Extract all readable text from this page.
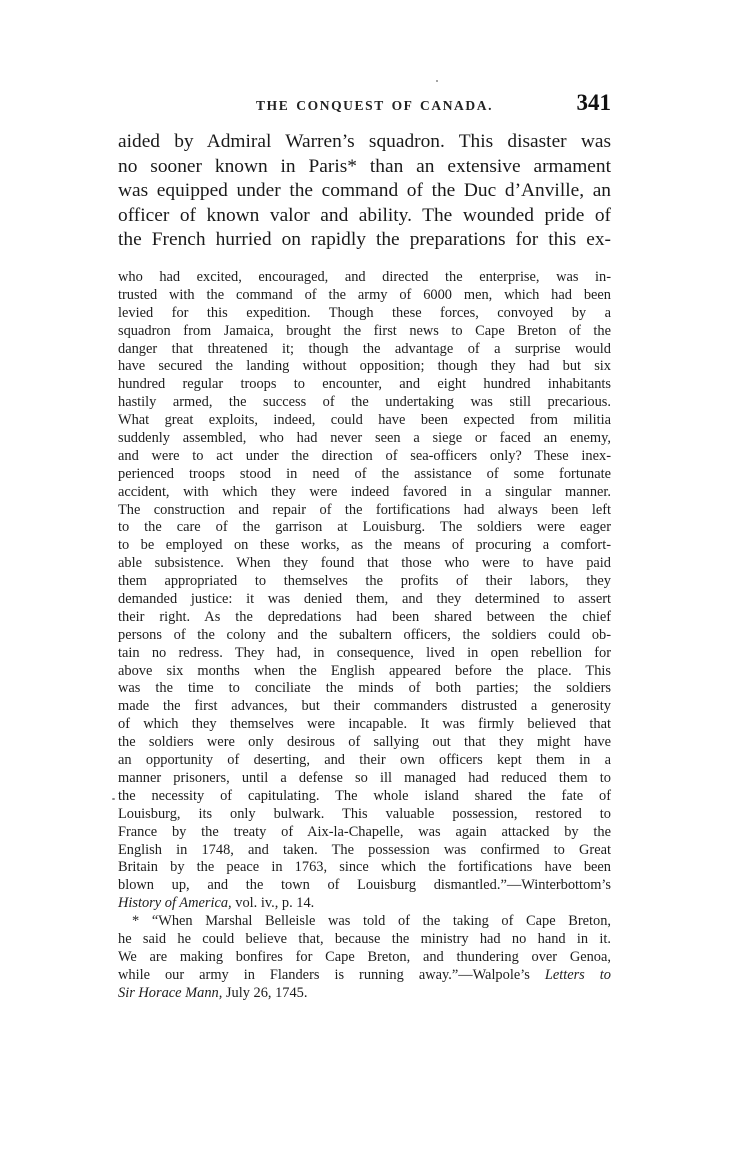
THE CONQUEST OF CANADA.	341
aided by Admiral Warren’s squadron. This disaster was
no sooner known in Paris* than an extensive armament
was equipped under the command of the Duc d’Anville, an
officer of known valor and ability. The wounded pride of
the French hurried on rapidly the preparations for this ex-
who had excited, encouraged, and directed the enterprise, was in-
trusted with the command of the army of 6000 men, which had been
levied for this expedition. Though these forces, convoyed by a
squadron from Jamaica, brought the first news to Cape Breton of the
danger that threatened it; though the advantage of a surprise would
have secured the landing without opposition; though they had but six
hundred regular troops to encounter, and eight hundred inhabitants
hastily armed, the success of the undertaking was still precarious.
What great exploits, indeed, could have been expected from militia
suddenly assembled, who had never seen a siege or faced an enemy,
and were to act under the direction of sea-officers only? These inex-
perienced troops stood in need of the assistance of some fortunate
accident, with which they were indeed favored in a singular manner.
The construction and repair of the fortifications had always been left
to the care of the garrison at Louisburg. The soldiers were eager
to be employed on these works, as the means of procuring a comfort-
able subsistence. When they found that those who were to have paid
them appropriated to themselves the profits of their labors, they
demanded justice: it was denied them, and they determined to assert
their right. As the depredations had been shared between the chief
persons of the colony and the subaltern officers, the soldiers could ob-
tain no redress. They had, in consequence, lived in open rebellion for
above six months when the English appeared before the place. This
was the time to conciliate the minds of both parties; the soldiers
made the first advances, but their commanders distrusted a generosity
of which they themselves were incapable. It was firmly believed that
the soldiers were only desirous of sallying out that they might have
an opportunity of deserting, and their own officers kept them in a
manner prisoners, until a defense so ill managed had reduced them to
the necessity of capitulating. The whole island shared the fate of
Louisburg, its only bulwark. This valuable possession, restored to
France by the treaty of Aix-la-Chapelle, was again attacked by the
English in 1748, and taken. The possession was confirmed to Great
Britain by the peace in 1763, since which the fortifications have been
blown up, and the town of Louisburg dismantled.”—Winterbottom’s
History of America, vol. iv., p. 14.
* “When Marshal Belleisle was told of the taking of Cape Breton,
he said he could believe that, because the ministry had no hand in it.
We are making bonfires for Cape Breton, and thundering over Genoa,
while our army in Flanders is running away.”—Walpole’s Letters to
Sir Horace Mann, July 26, 1745.
